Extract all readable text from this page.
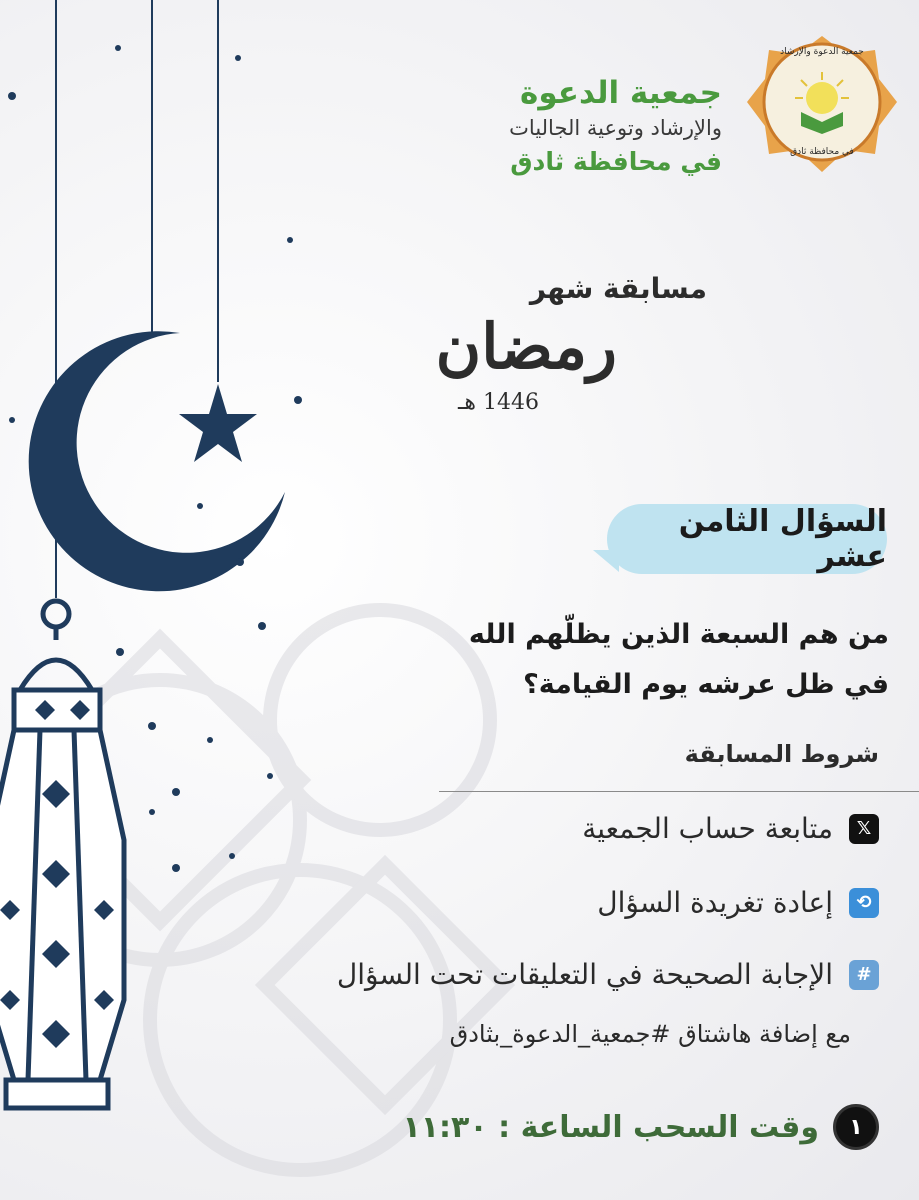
جمعية الدعوة والإرشاد
في محافظة ثادق
جمعية الدعوة
والإرشاد وتوعية الجاليات
في محافظة ثادق
مسابقة شهر
رمضان
1446 هـ
السؤال الثامن عشر
من هم السبعة الذين يظلّهم الله في ظل عرشه يوم القيامة؟
شروط المسابقة
𝕏
متابعة حساب الجمعية
⟲
إعادة تغريدة السؤال
#
الإجابة الصحيحة في التعليقات تحت السؤال
مع إضافة هاشتاق #جمعية_الدعوة_بثادق
١
وقت السحب الساعة : ١١:٣٠
